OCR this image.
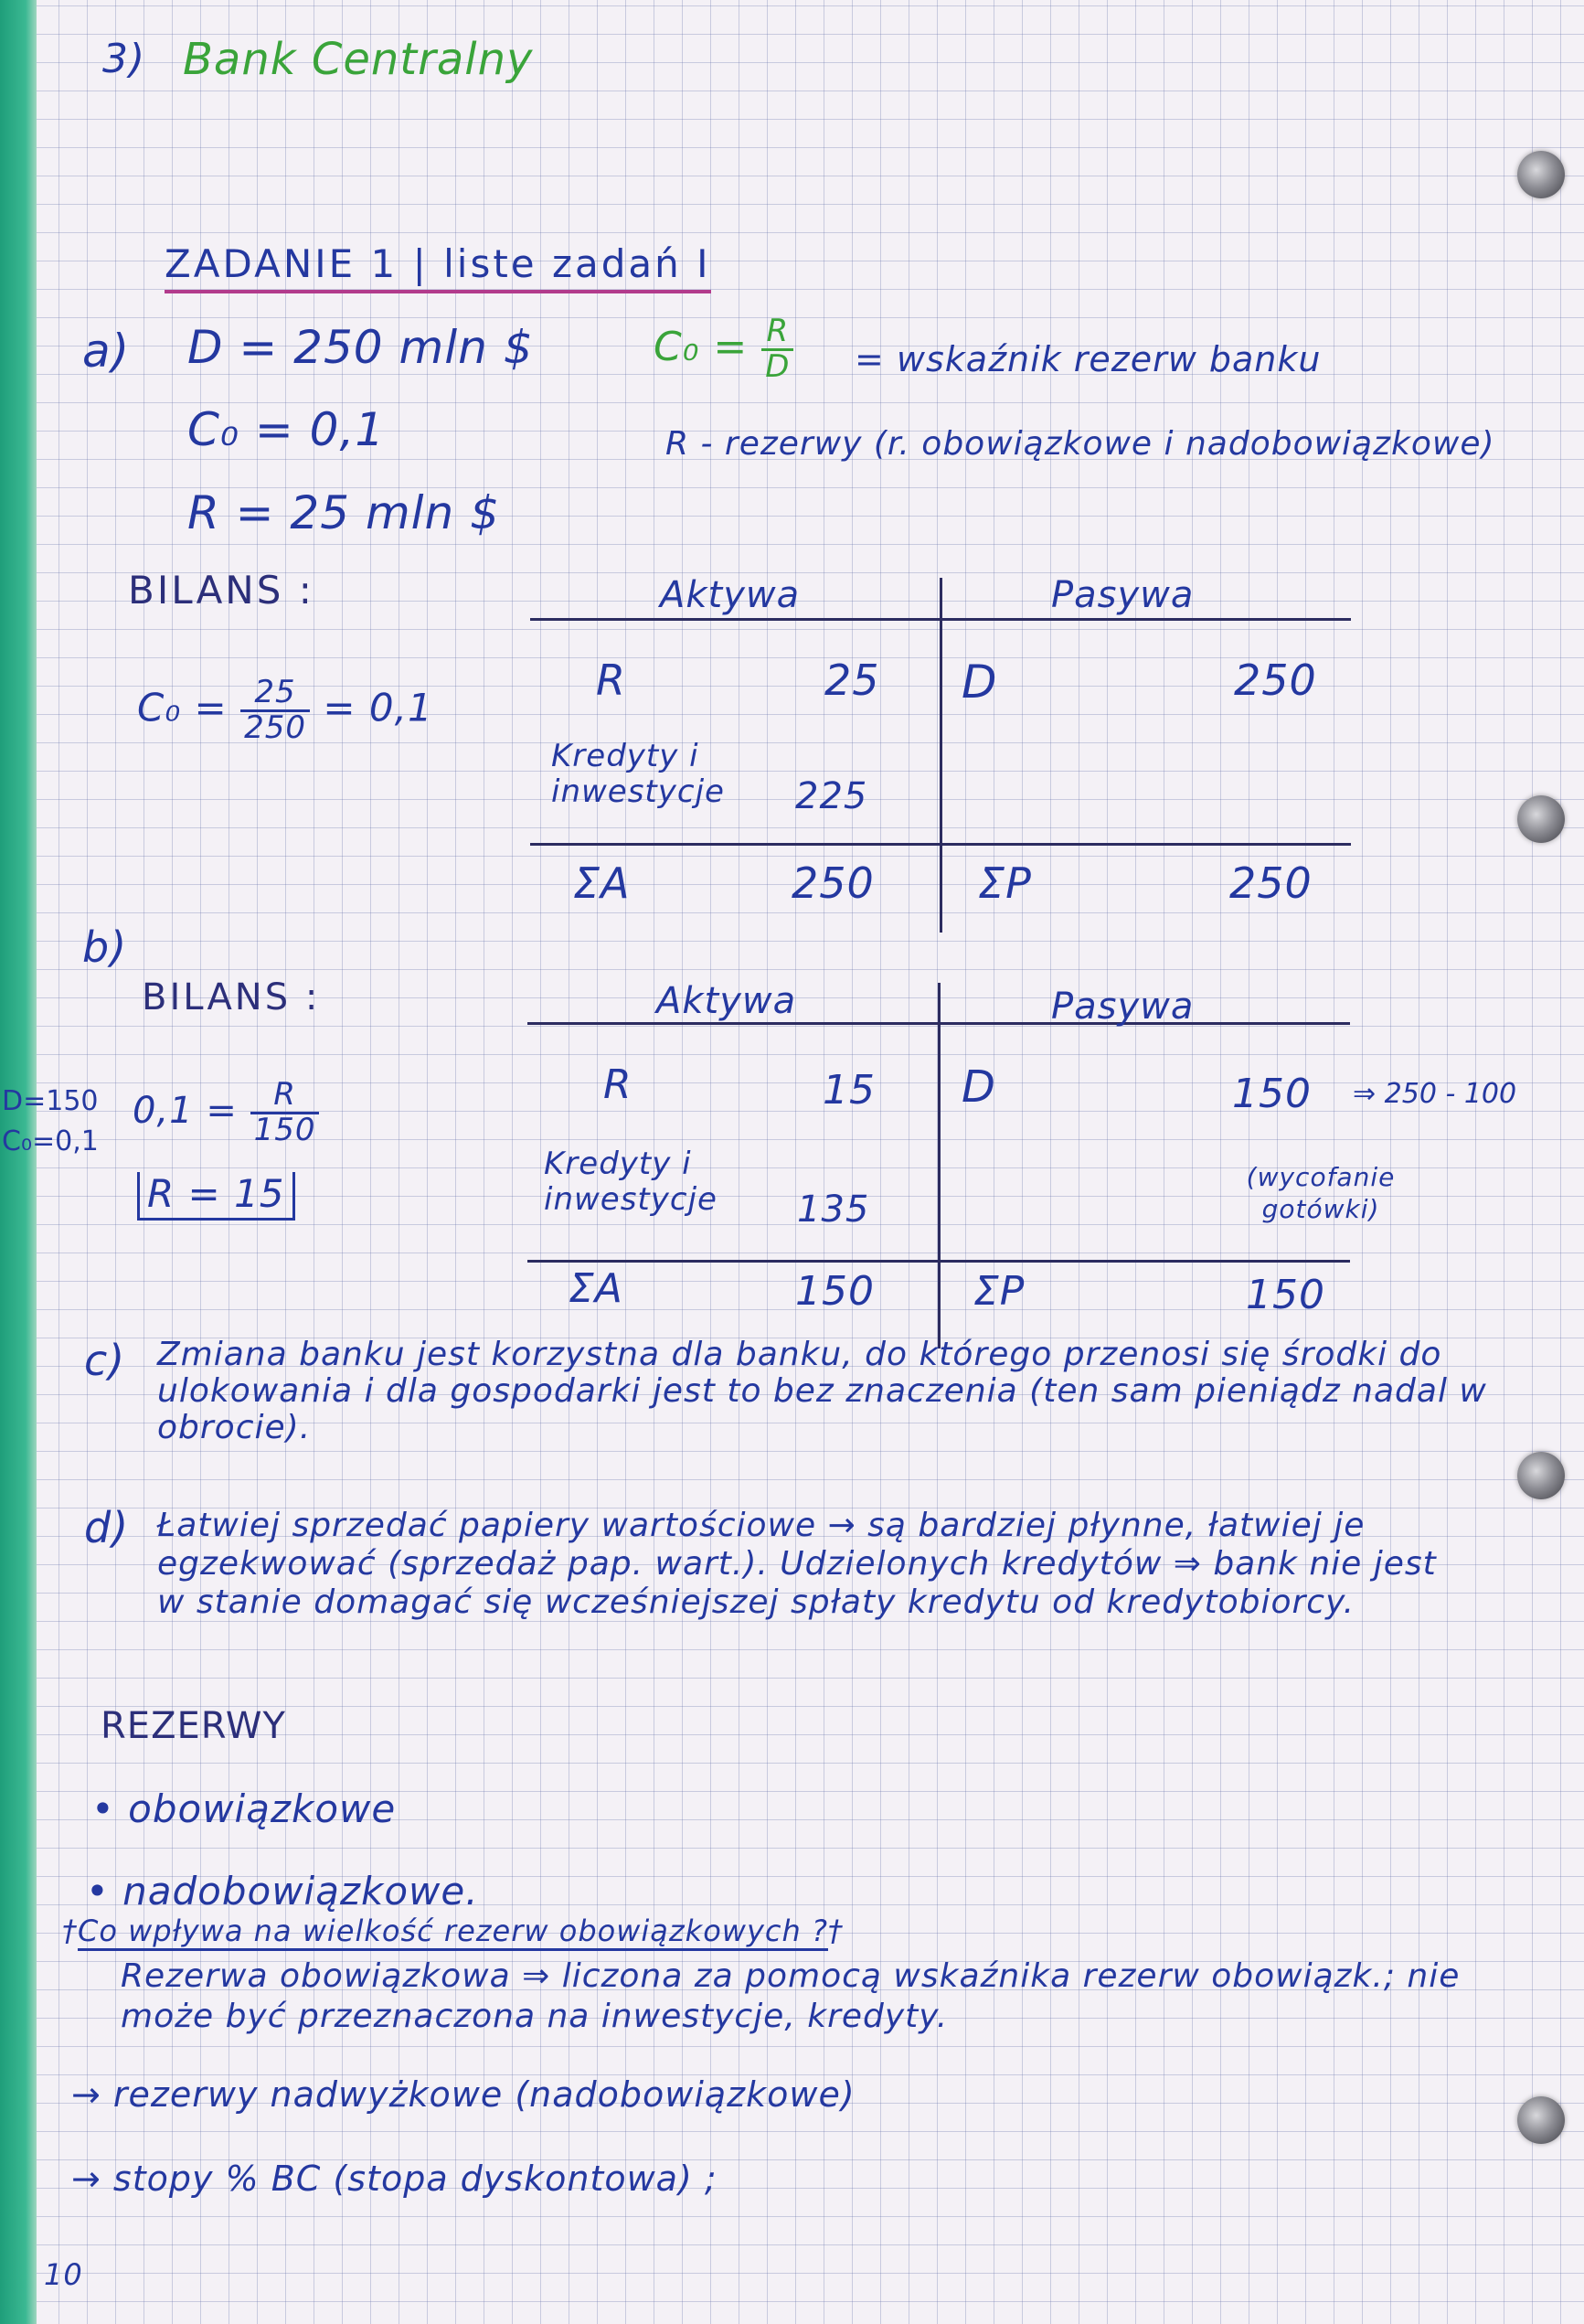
3) Bank Centralny
ZADANIE 1 | liste zadań I
a) D = 250 mln $
C₀ = 0,1
R = 25 mln $
$C_0 = \frac{R}{D}$ = wskaźnik rezerw banku
R - rezerwy (r. obowiązkowe i nadobowiązkowe)
BILANS :
$C_0 = \frac{25}{250} = 0,1$
Aktywa	Pasywa
R	25 D	250
Kredyty i inwestycje	225
ΣA	250 ΣP	250
b)
BILANS :
D=150
C₀=0,1
$0,1 = \frac{R}{150}$
R = 15
Aktywa	Pasywa
R	15 D	150 ⇒ 250 - 100
(wycofanie gotówki)
Kredyty i inwestycje	135
ΣA	150 ΣP	150
c) Zmiana banku jest korzystna dla banku, do którego przenosi się środki do ulokowania i dla gospodarki jest to bez znaczenia (ten sam pieniądz nadal w obrocie).
d) Łatwiej sprzedać papiery wartościowe → są bardziej płynne, łatwiej je egzekwować (sprzedaż pap. wart.). Udzielonych kredytów ⇒ bank nie jest w stanie domagać się wcześniejszej spłaty kredytu od kredytobiorcy.
REZERWY
• obowiązkowe
• nadobowiązkowe.
†Co wpływa na wielkość rezerw obowiązkowych ?†
Rezerwa obowiązkowa ⇒ liczona za pomocą wskaźnika rezerw obowiązk.; nie może być przeznaczona na inwestycje, kredyty.
→ rezerwy nadwyżkowe (nadobowiązkowe)
→ stopy % BC (stopa dyskontowa) ;
10
